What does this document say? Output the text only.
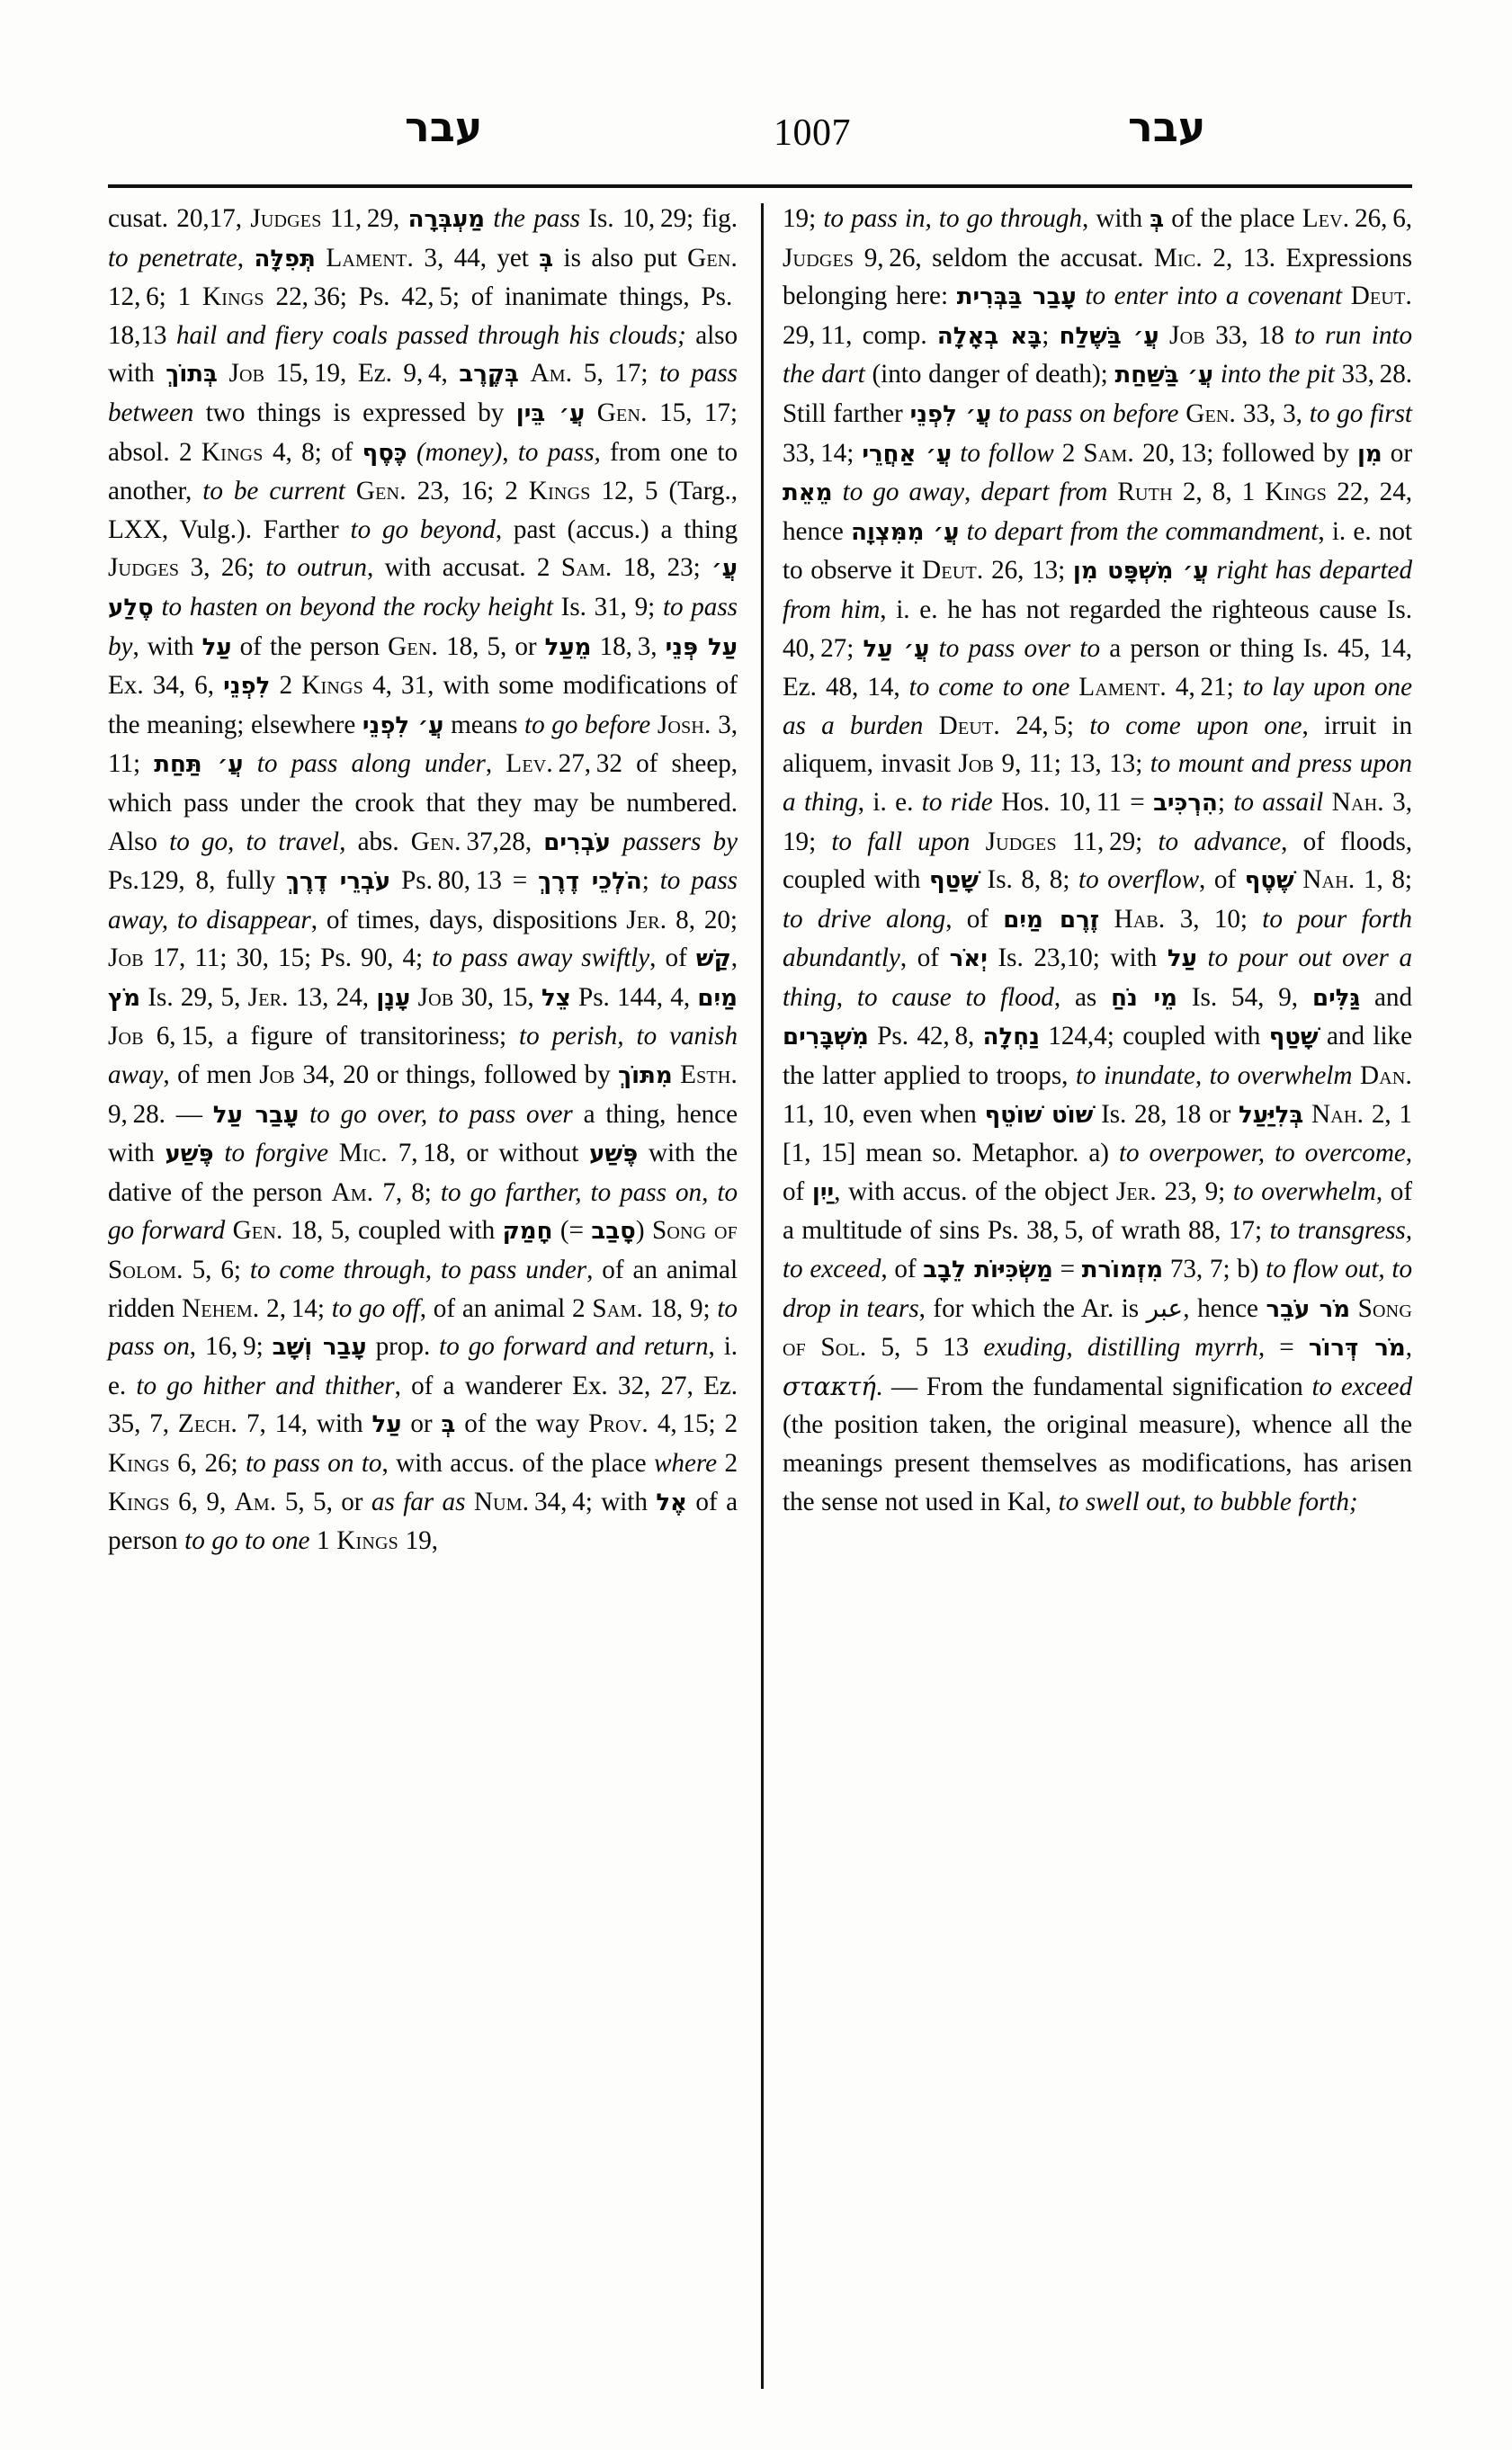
עבר	1007	עבר

cusat. 20,17, Judges 11, 29, מַעְבְּרָה the pass Is. 10, 29; fig. to penetrate, תְּפִלָּה Lament. 3, 44, yet בְּ is also put Gen. 12, 6; 1 Kings 22, 36; Ps. 42, 5; of inanimate things, Ps. 18,13 hail and fiery coals passed through his clouds; also with בְּתוֹךְ Job 15, 19, Ez. 9, 4, בְּקֶרֶב Am. 5, 17; to pass between two things is expressed by עֲ׳ בֵּין Gen. 15, 17; absol. 2 Kings 4, 8; of כֶּסֶף (money), to pass, from one to another, to be current Gen. 23, 16; 2 Kings 12, 5 (Targ., LXX, Vulg.). Farther to go beyond, past (accus.) a thing Judges 3, 26; to outrun, with accusat. 2 Sam. 18, 23; עֲ׳ סֶלַע to hasten on beyond the rocky height Is. 31, 9; to pass by, with עַל of the person Gen. 18, 5, or מֵעַל 18, 3, עַל פְּנֵי Ex. 34, 6, לִפְנֵי 2 Kings 4, 31, with some modifications of the meaning; elsewhere עֲ׳ לִפְנֵי means to go before Josh. 3, 11; עֲ׳ תַּחַת to pass along under, Lev. 27, 32 of sheep, which pass under the crook that they may be numbered. Also to go, to travel, abs. Gen. 37,28, עֹבְרִים passers by Ps.129, 8, fully עֹבְרֵי דֶרֶךְ Ps. 80, 13 = הֹלְכֵי דֶרֶךְ; to pass away, to disappear, of times, days, dispositions Jer. 8, 20; Job 17, 11; 30, 15; Ps. 90, 4; to pass away swiftly, of קַשׁ, מֹץ Is. 29, 5, Jer. 13, 24, עָנָן Job 30, 15, צֵל Ps. 144, 4, מַיִם Job 6, 15, a figure of transitoriness; to perish, to vanish away, of men Job 34, 20 or things, followed by מִתּוֹךְ Esth. 9, 28. — עָבַר עַל to go over, to pass over a thing, hence with פֶּשַׁע to forgive Mic. 7, 18, or without פֶּשַׁע with the dative of the person Am. 7, 8; to go farther, to pass on, to go forward Gen. 18, 5, coupled with חָמַק (= סָבַב) Song of Solom. 5, 6; to come through, to pass under, of an animal ridden Nehem. 2, 14; to go off, of an animal 2 Sam. 18, 9; to pass on, 16, 9; עָבַר וְשָׁב prop. to go forward and return, i. e. to go hither and thither, of a wanderer Ex. 32, 27, Ez. 35, 7, Zech. 7, 14, with עַל or בְּ of the way Prov. 4, 15; 2 Kings 6, 26; to pass on to, with accus. of the place where 2 Kings 6, 9, Am. 5, 5, or as far as Num. 34, 4; with אֶל of a person to go to one 1 Kings 19,

19; to pass in, to go through, with בְּ of the place Lev. 26, 6, Judges 9, 26, seldom the accusat. Mic. 2, 13. Expressions belonging here: עָבַר בַּבְּרִית to enter into a covenant Deut. 29, 11, comp. בָּא בְאָלָה; עֲ׳ בַּשֶּׁלַח Job 33, 18 to run into the dart (into danger of death); עֲ׳ בַּשַּׁחַת into the pit 33, 28. Still farther עֲ׳ לִפְנֵי to pass on before Gen. 33, 3, to go first 33, 14; עֲ׳ אַחֲרֵי to follow 2 Sam. 20, 13; followed by מִן or מֵאֵת to go away, depart from Ruth 2, 8, 1 Kings 22, 24, hence עֲ׳ מִמִּצְוָה to depart from the commandment, i. e. not to observe it Deut. 26, 13; עֲ׳ מִשְׁפָּט מִן right has departed from him, i. e. he has not regarded the righteous cause Is. 40, 27; עֲ׳ עַל to pass over to a person or thing Is. 45, 14, Ez. 48, 14, to come to one Lament. 4, 21; to lay upon one as a burden Deut. 24, 5; to come upon one, irruit in aliquem, invasit Job 9, 11; 13, 13; to mount and press upon a thing, i. e. to ride Hos. 10, 11 = הִרְכִּיב; to assail Nah. 3, 19; to fall upon Judges 11, 29; to advance, of floods, coupled with שָׁטַף Is. 8, 8; to overflow, of שֶׁטֶף Nah. 1, 8; to drive along, of זֶרֶם מַיִם Hab. 3, 10; to pour forth abundantly, of יְאֹר Is. 23,10; with עַל to pour out over a thing, to cause to flood, as מֵי נֹחַ Is. 54, 9, גַּלִּים and מִשְׁבָּרִים Ps. 42, 8, נַחְלָה 124,4; coupled with שָׁטַף and like the latter applied to troops, to inundate, to overwhelm Dan. 11, 10, even when שׁוֹט שׁוֹטֵף Is. 28, 18 or בְּלִיַּעַל Nah. 2, 1 [1, 15] mean so. Metaphor. a) to overpower, to overcome, of יַיִן, with accus. of the object Jer. 23, 9; to overwhelm, of a multitude of sins Ps. 38, 5, of wrath 88, 17; to transgress, to exceed, of מַשְׂכִּיּוֹת לֵבָב = מִזְמוֹרת 73, 7; b) to flow out, to drop in tears, for which the Ar. is عبر, hence מֹר עֹבֵר Song of Sol. 5, 5 13 exuding, distilling myrrh, = מֹר דְּרוֹר, στακτή. — From the fundamental signification to exceed (the position taken, the original measure), whence all the meanings present themselves as modifications, has arisen the sense not used in Kal, to swell out, to bubble forth;
